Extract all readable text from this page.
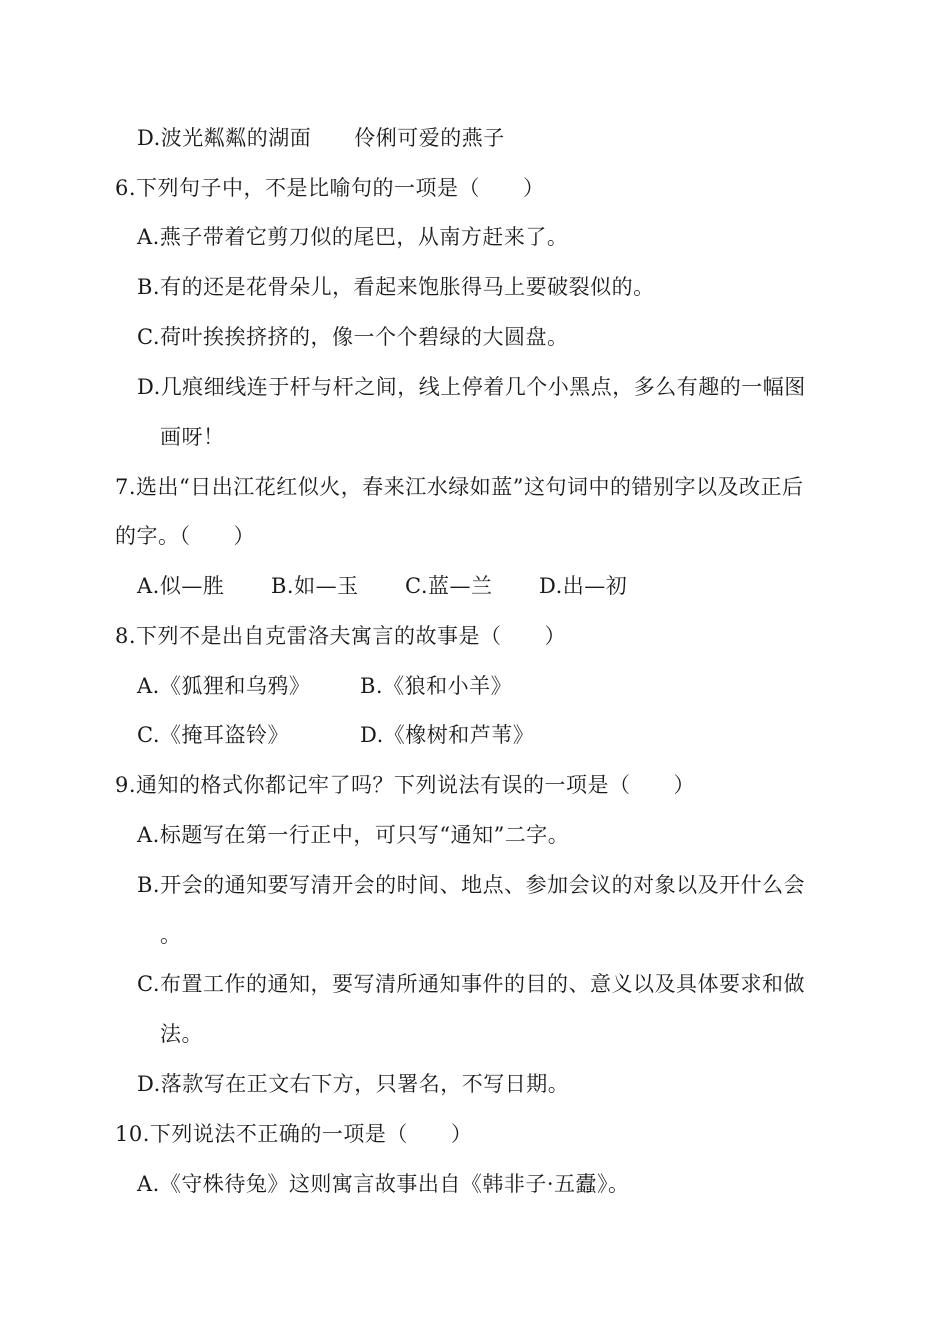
D.波光粼粼的湖面　　伶俐可爱的燕子
6.下列句子中，不是比喻句的一项是（　　）
A.燕子带着它剪刀似的尾巴，从南方赶来了。
B.有的还是花骨朵儿，看起来饱胀得马上要破裂似的。
C.荷叶挨挨挤挤的，像一个个碧绿的大圆盘。
D.几痕细线连于杆与杆之间，线上停着几个小黑点，多么有趣的一幅图
画呀！
7.选出“日出江花红似火，春来江水绿如蓝”这句词中的错别字以及改正后
的字。（　　）
A.似—胜 B.如—玉 C.蓝—兰 D.出—初
8.下列不是出自克雷洛夫寓言的故事是（　　）
A.《狐狸和乌鸦》 B.《狼和小羊》
C.《掩耳盗铃》	D.《橡树和芦苇》
9.通知的格式你都记牢了吗？下列说法有误的一项是（　　）
A.标题写在第一行正中，可只写“通知”二字。
B.开会的通知要写清开会的时间、地点、参加会议的对象以及开什么会
。
C.布置工作的通知，要写清所通知事件的目的、意义以及具体要求和做
法。
D.落款写在正文右下方，只署名，不写日期。
10.下列说法不正确的一项是（　　）
A.《守株待兔》这则寓言故事出自《韩非子·五蠹》。
